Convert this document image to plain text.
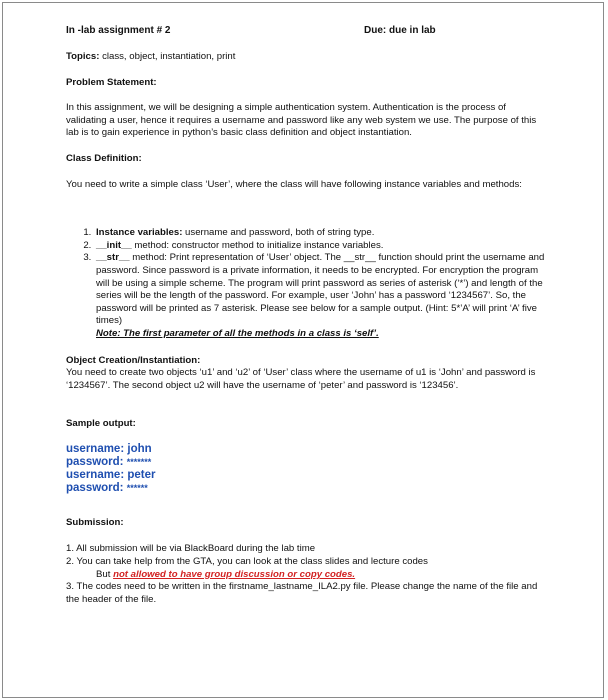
In -lab assignment # 2	Due: due in lab

Topics: class, object, instantiation, print

Problem Statement:

In this assignment, we will be designing a simple authentication system. Authentication is the process of validating a user, hence it requires a username and password like any web system we use. The purpose of this lab is to gain experience in python’s basic class definition and object instantiation.

Class Definition:

You need to write a simple class ‘User’, where the class will have following instance variables and methods:

1. Instance variables: username and password, both of string type.
2. __init__ method: constructor method to initialize instance variables.
3. __str__ method: Print representation of ‘User’ object. The __str__ function should print the username and password. Since password is a private information, it needs to be encrypted. For encryption the program will be using a simple scheme. The program will print password as series of asterisk (‘*’) and length of the series will be the length of the password. For example, user ‘John’ has a password ‘1234567’. So, the password will be printed as 7 asterisk. Please see below for a sample output. (Hint: 5*’A’ will print ‘A’ five times)
Note: The first parameter of all the methods in a class is ‘self’.

Object Creation/Instantiation:

You need to create two objects ‘u1’ and ‘u2’ of ‘User’ class where the username of u1 is ‘John’ and password is ‘1234567’. The second object u2 will have the username of ‘peter’ and password is ‘123456’.

Sample output:

username: john
password: *******
username: peter
password: ******

Submission:

1. All submission will be via BlackBoard during the lab time

2. You can take help from the GTA, you can look at the class slides and lecture codes

But not allowed to have group discussion or copy codes.

3. The codes need to be written in the firstname_lastname_ILA2.py file. Please change the name of the file and the header of the file.
